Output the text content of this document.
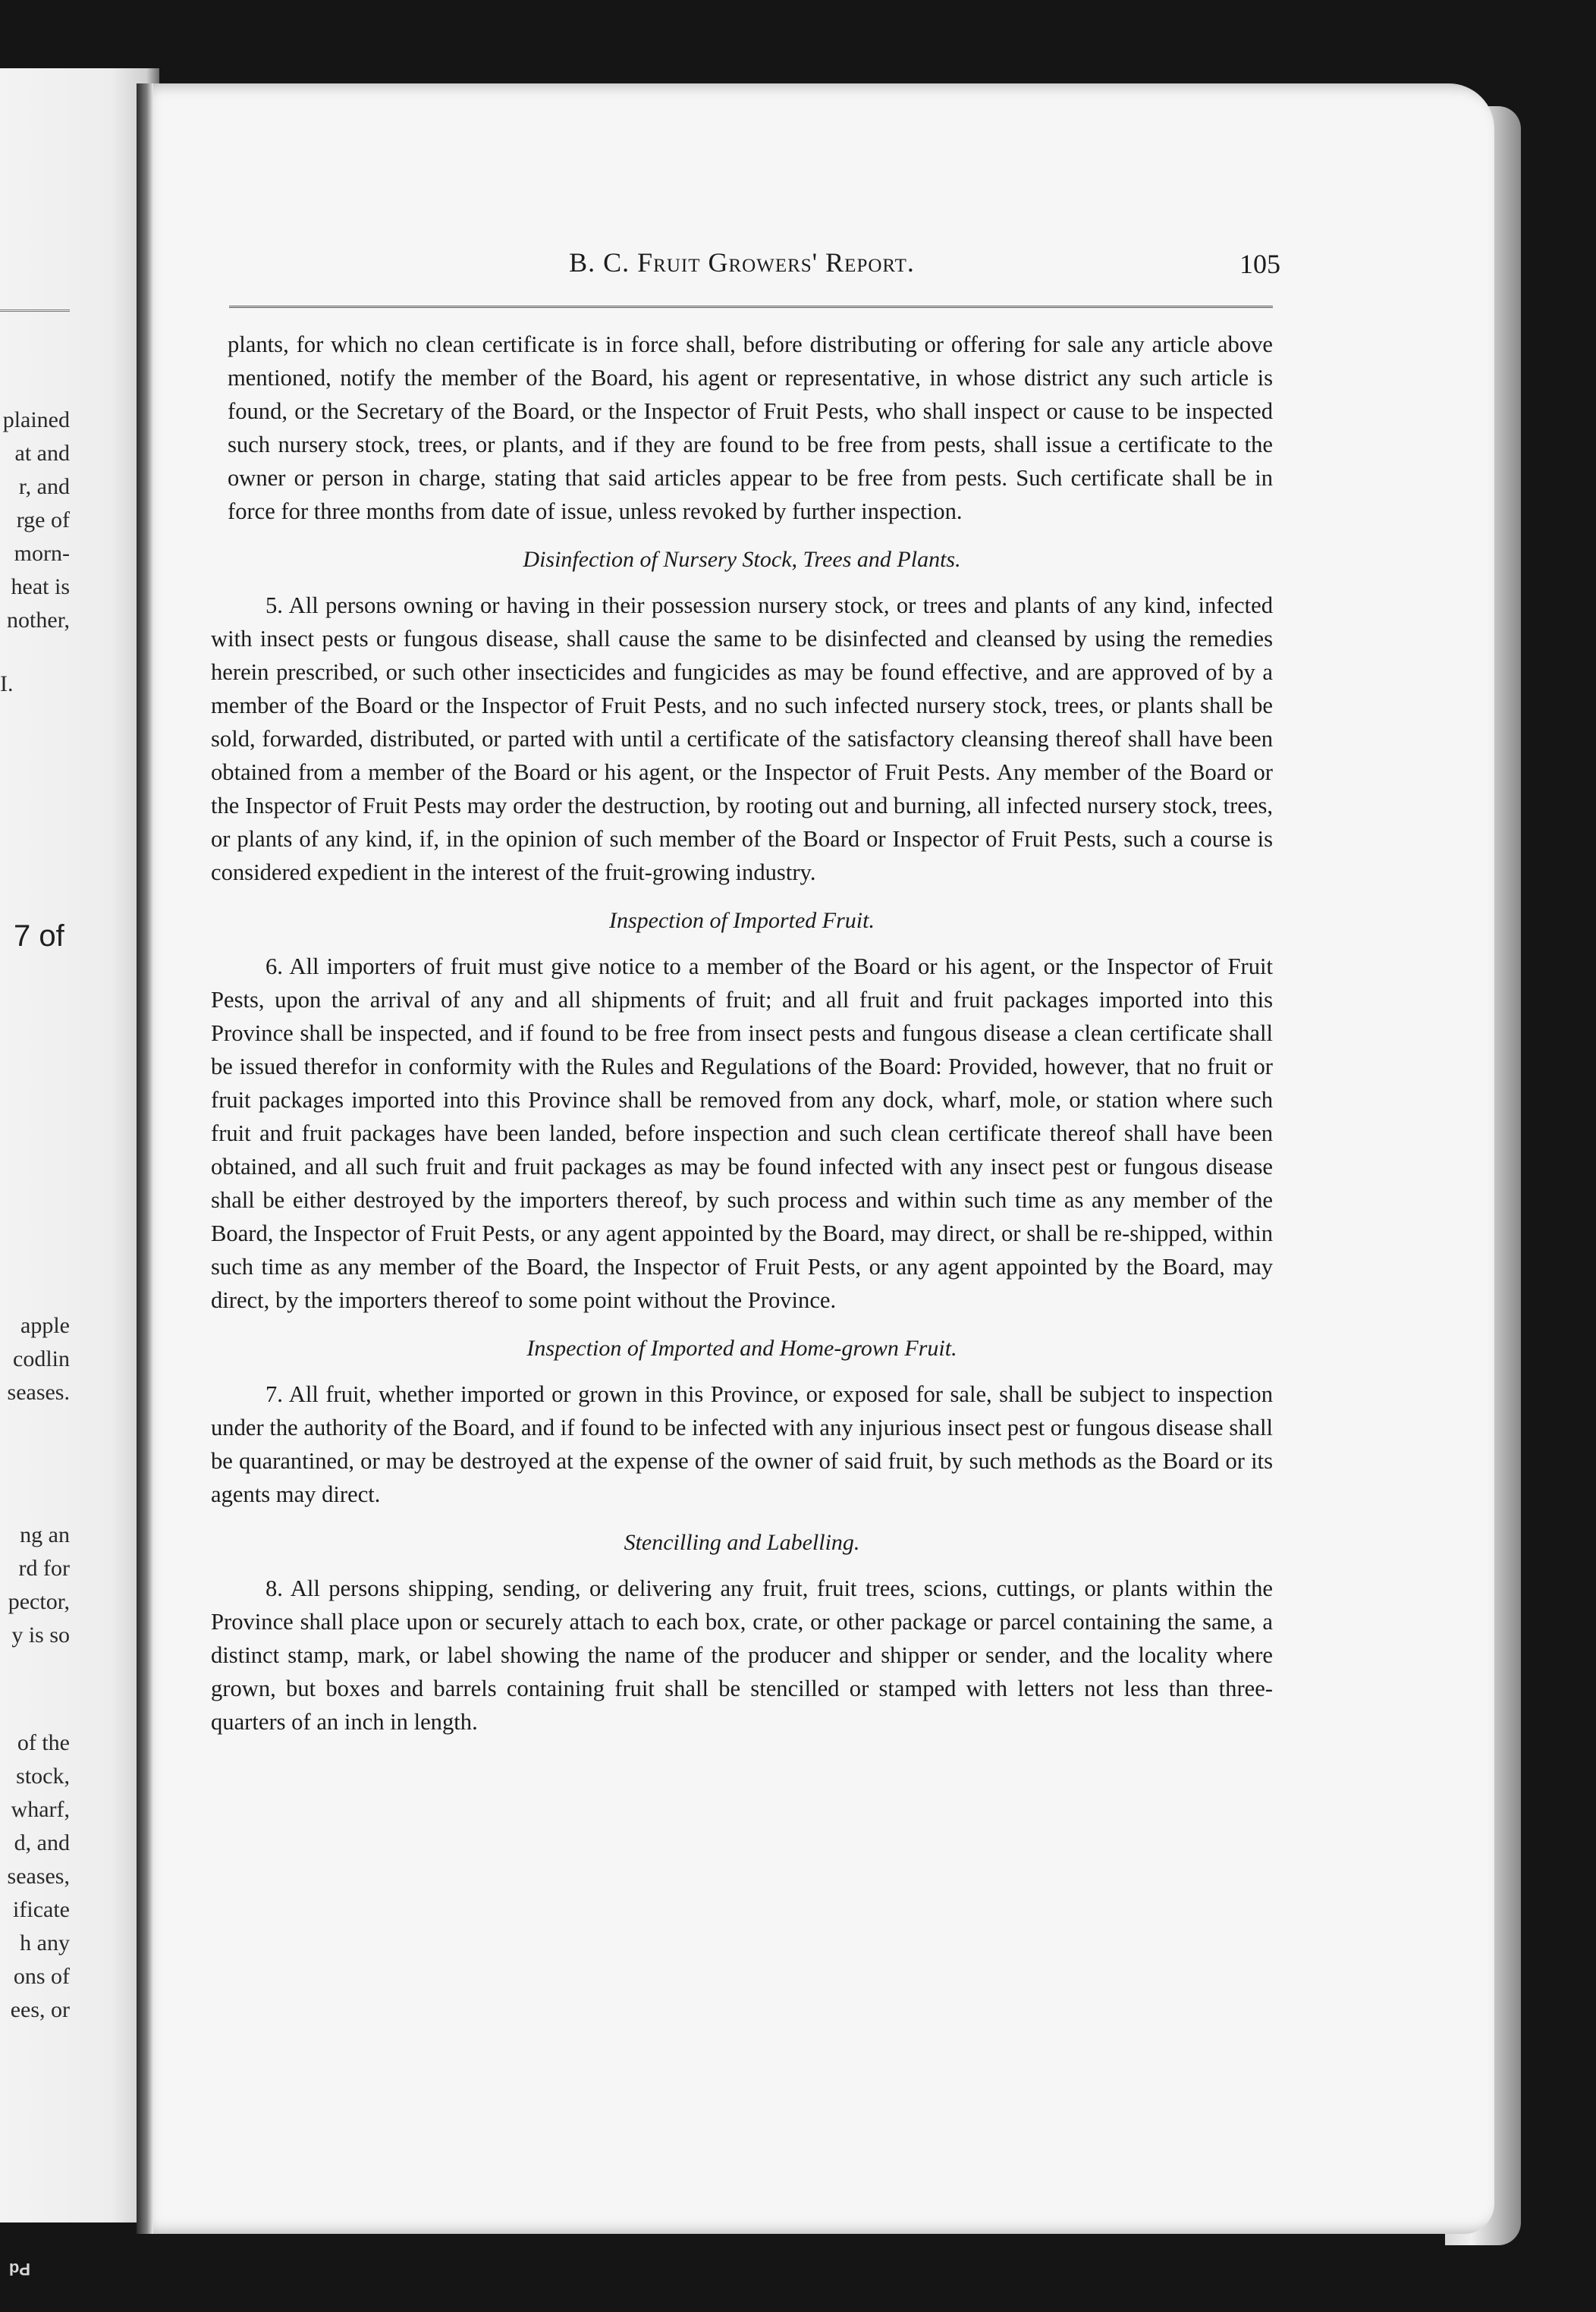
plained
at and
r, and
rge of
morn-
heat is
nother,
I.
apple
codlin
seases.
ng an
rd for
pector,
y is so
of the
stock,
wharf,
d, and
seases,
ificate
h any
ons of
ees, or
7 of
Pd
B. C. Fruit Growers' Report.	105

plants, for which no clean certificate is in force shall, before distributing or offering for sale any article above mentioned, notify the member of the Board, his agent or representative, in whose district any such article is found, or the Secretary of the Board, or the Inspector of Fruit Pests, who shall inspect or cause to be inspected such nursery stock, trees, or plants, and if they are found to be free from pests, shall issue a certificate to the owner or person in charge, stating that said articles appear to be free from pests. Such certificate shall be in force for three months from date of issue, unless revoked by further inspection.

Disinfection of Nursery Stock, Trees and Plants.

5. All persons owning or having in their possession nursery stock, or trees and plants of any kind, infected with insect pests or fungous disease, shall cause the same to be disinfected and cleansed by using the remedies herein prescribed, or such other insecticides and fungicides as may be found effective, and are approved of by a member of the Board or the Inspector of Fruit Pests, and no such infected nursery stock, trees, or plants shall be sold, forwarded, distributed, or parted with until a certificate of the satisfactory cleansing thereof shall have been obtained from a member of the Board or his agent, or the Inspector of Fruit Pests. Any member of the Board or the Inspector of Fruit Pests may order the destruction, by rooting out and burning, all infected nursery stock, trees, or plants of any kind, if, in the opinion of such member of the Board or Inspector of Fruit Pests, such a course is considered expedient in the interest of the fruit-growing industry.

Inspection of Imported Fruit.

6. All importers of fruit must give notice to a member of the Board or his agent, or the Inspector of Fruit Pests, upon the arrival of any and all shipments of fruit; and all fruit and fruit packages imported into this Province shall be inspected, and if found to be free from insect pests and fungous disease a clean certificate shall be issued therefor in conformity with the Rules and Regulations of the Board: Provided, however, that no fruit or fruit packages imported into this Province shall be removed from any dock, wharf, mole, or station where such fruit and fruit packages have been landed, before inspection and such clean certificate thereof shall have been obtained, and all such fruit and fruit packages as may be found infected with any insect pest or fungous disease shall be either destroyed by the importers thereof, by such process and within such time as any member of the Board, the Inspector of Fruit Pests, or any agent appointed by the Board, may direct, or shall be re-shipped, within such time as any member of the Board, the Inspector of Fruit Pests, or any agent appointed by the Board, may direct, by the importers thereof to some point without the Province.

Inspection of Imported and Home-grown Fruit.

7. All fruit, whether imported or grown in this Province, or exposed for sale, shall be subject to inspection under the authority of the Board, and if found to be infected with any injurious insect pest or fungous disease shall be quarantined, or may be destroyed at the expense of the owner of said fruit, by such methods as the Board or its agents may direct.

Stencilling and Labelling.

8. All persons shipping, sending, or delivering any fruit, fruit trees, scions, cuttings, or plants within the Province shall place upon or securely attach to each box, crate, or other package or parcel containing the same, a distinct stamp, mark, or label showing the name of the producer and shipper or sender, and the locality where grown, but boxes and barrels containing fruit shall be stencilled or stamped with letters not less than three-quarters of an inch in length.
